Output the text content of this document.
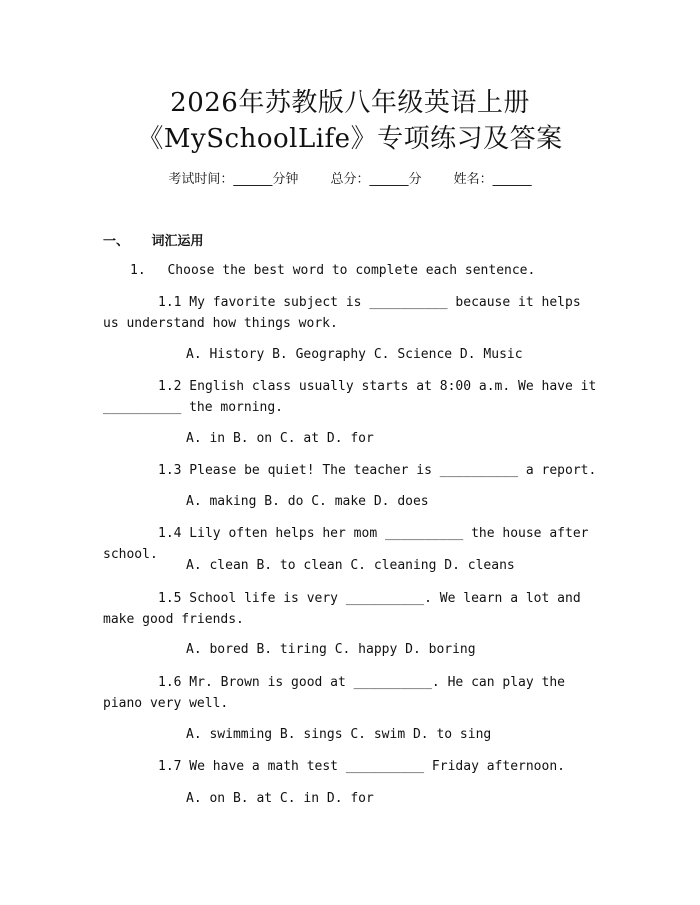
2026年苏教版八年级英语上册
《MySchoolLife》专项练习及答案
考试时间：______分钟 总分：______分 姓名：______
一、 词汇运用
1. Choose the best word to complete each sentence.
1.1 My favorite subject is __________ because it helps us understand how things work.
A. History B. Geography C. Science D. Music
1.2 English class usually starts at 8:00 a.m. We have it __________ the morning.
A. in B. on C. at D. for
1.3 Please be quiet! The teacher is __________ a report.
A. making B. do C. make D. does
1.4 Lily often helps her mom __________ the house after school.
A. clean B. to clean C. cleaning D. cleans
1.5 School life is very __________. We learn a lot and make good friends.
A. bored B. tiring C. happy D. boring
1.6 Mr. Brown is good at __________. He can play the piano very well.
A. swimming B. sings C. swim D. to sing
1.7 We have a math test __________ Friday afternoon.
A. on B. at C. in D. for
